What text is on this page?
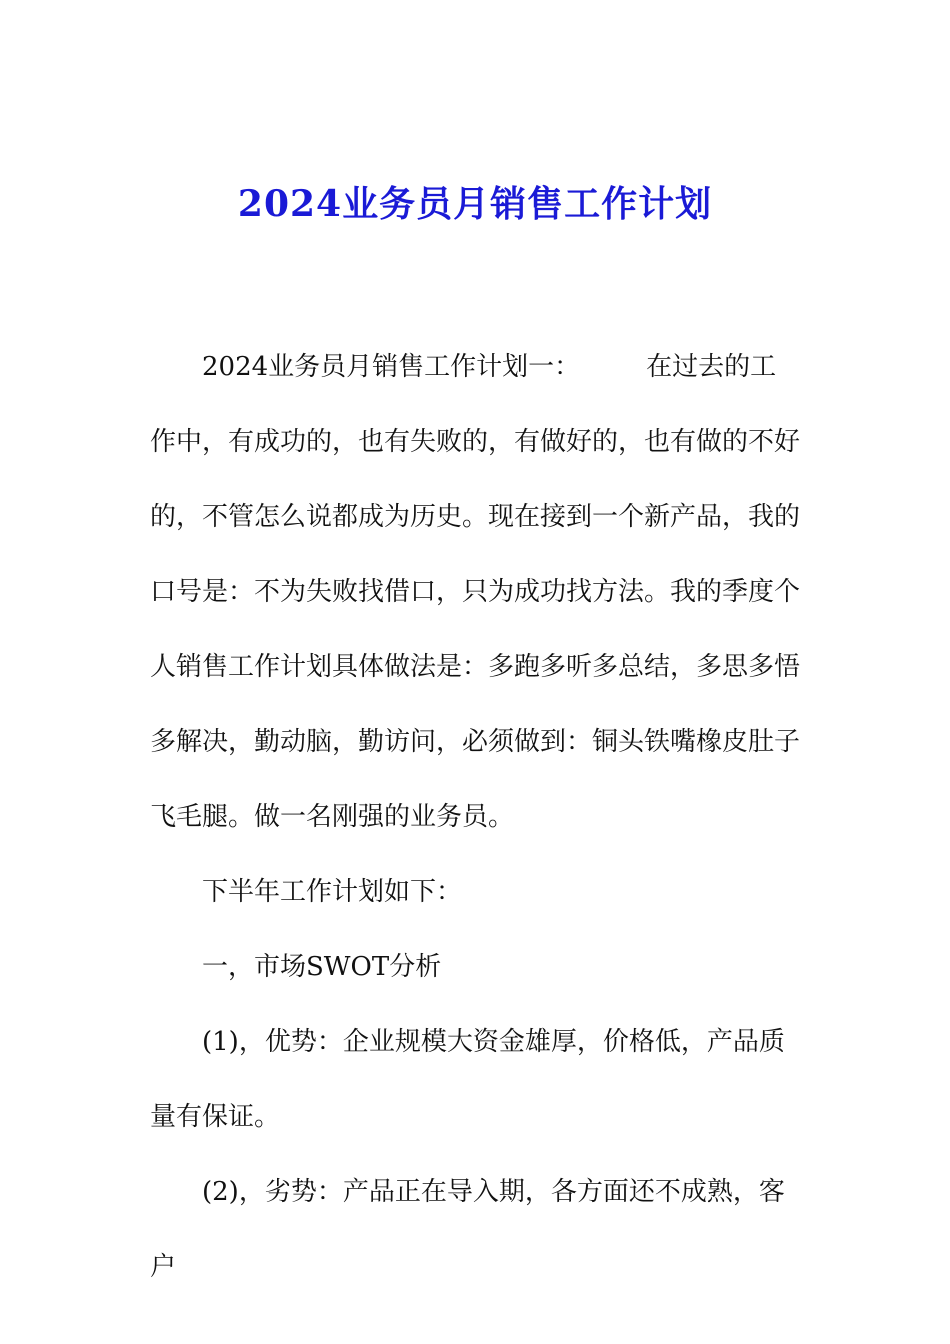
2024业务员月销售工作计划

2024业务员月销售工作计划一：	在过去的工作中，有成功的，也有失败的，有做好的，也有做的不好的，不管怎么说都成为历史。现在接到一个新产品，我的口号是：不为失败找借口，只为成功找方法。我的季度个人销售工作计划具体做法是：多跑多听多总结，多思多悟多解决，勤动脑，勤访问，必须做到：铜头铁嘴橡皮肚子飞毛腿。做一名刚强的业务员。

下半年工作计划如下：

一，市场SWOT分析

(1)，优势：企业规模大资金雄厚，价格低，产品质量有保证。

(2)，劣势：产品正在导入期，各方面还不成熟，客户
